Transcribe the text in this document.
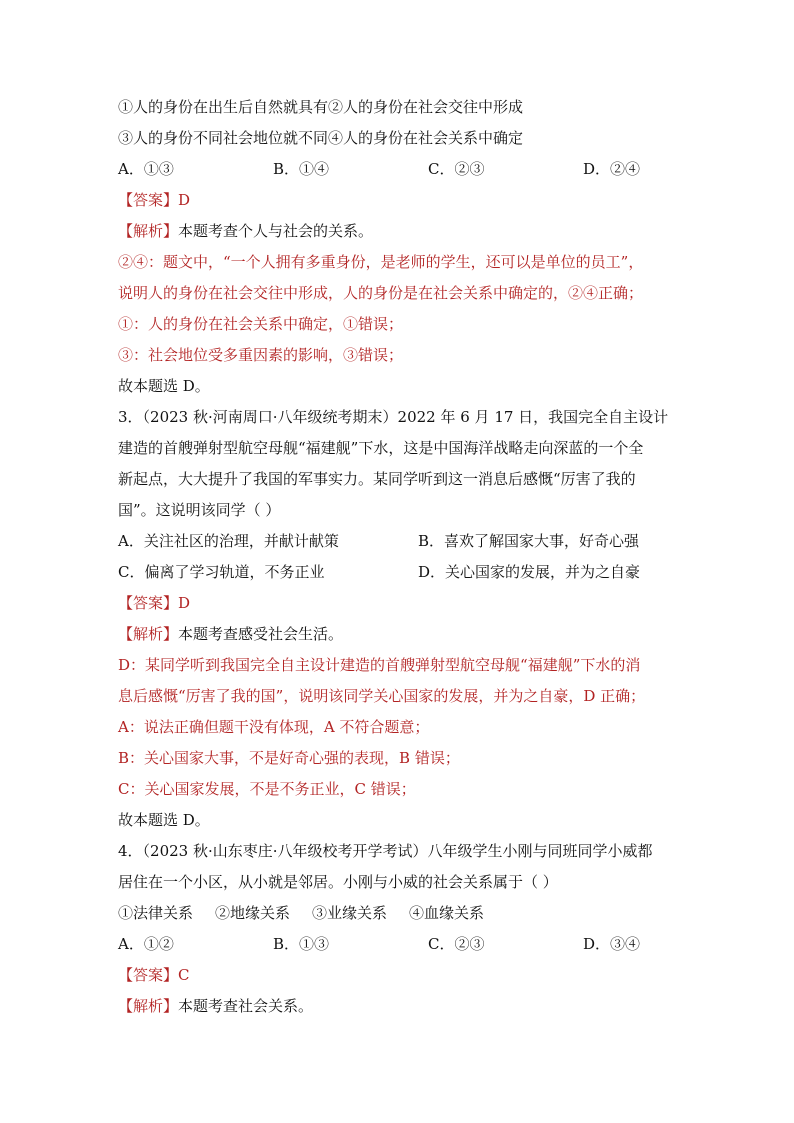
①人的身份在出生后自然就具有②人的身份在社会交往中形成

③人的身份不同社会地位就不同④人的身份在社会关系中确定

A．①③	B．①④	C．②③	D．②④

【答案】D

【解析】本题考查个人与社会的关系。

②④：题文中，“一个人拥有多重身份，是老师的学生，还可以是单位的员工”，

说明人的身份在社会交往中形成，人的身份是在社会关系中确定的，②④正确；

①：人的身份在社会关系中确定，①错误；

③：社会地位受多重因素的影响，③错误；

故本题选 D。

3．（2023 秋·河南周口·八年级统考期末）2022 年 6 月 17 日，我国完全自主设计

建造的首艘弹射型航空母舰“福建舰”下水，这是中国海洋战略走向深蓝的一个全

新起点，大大提升了我国的军事实力。某同学听到这一消息后感慨“厉害了我的

国”。这说明该同学（ ）

A．关注社区的治理，并献计献策	B．喜欢了解国家大事，好奇心强
C．偏离了学习轨道，不务正业	D．关心国家的发展，并为之自豪

【答案】D

【解析】本题考查感受社会生活。

D：某同学听到我国完全自主设计建造的首艘弹射型航空母舰“福建舰”下水的消

息后感慨“厉害了我的国”，说明该同学关心国家的发展，并为之自豪，D 正确；

A：说法正确但题干没有体现，A 不符合题意；

B：关心国家大事，不是好奇心强的表现，B 错误；

C：关心国家发展，不是不务正业，C 错误；

故本题选 D。

4．（2023 秋·山东枣庄·八年级校考开学考试）八年级学生小刚与同班同学小威都

居住在一个小区，从小就是邻居。小刚与小威的社会关系属于（ ）

①法律关系 ②地缘关系 ③业缘关系 ④血缘关系
A．①②	B．①③	C．②③	D．③④

【答案】C

【解析】本题考查社会关系。
